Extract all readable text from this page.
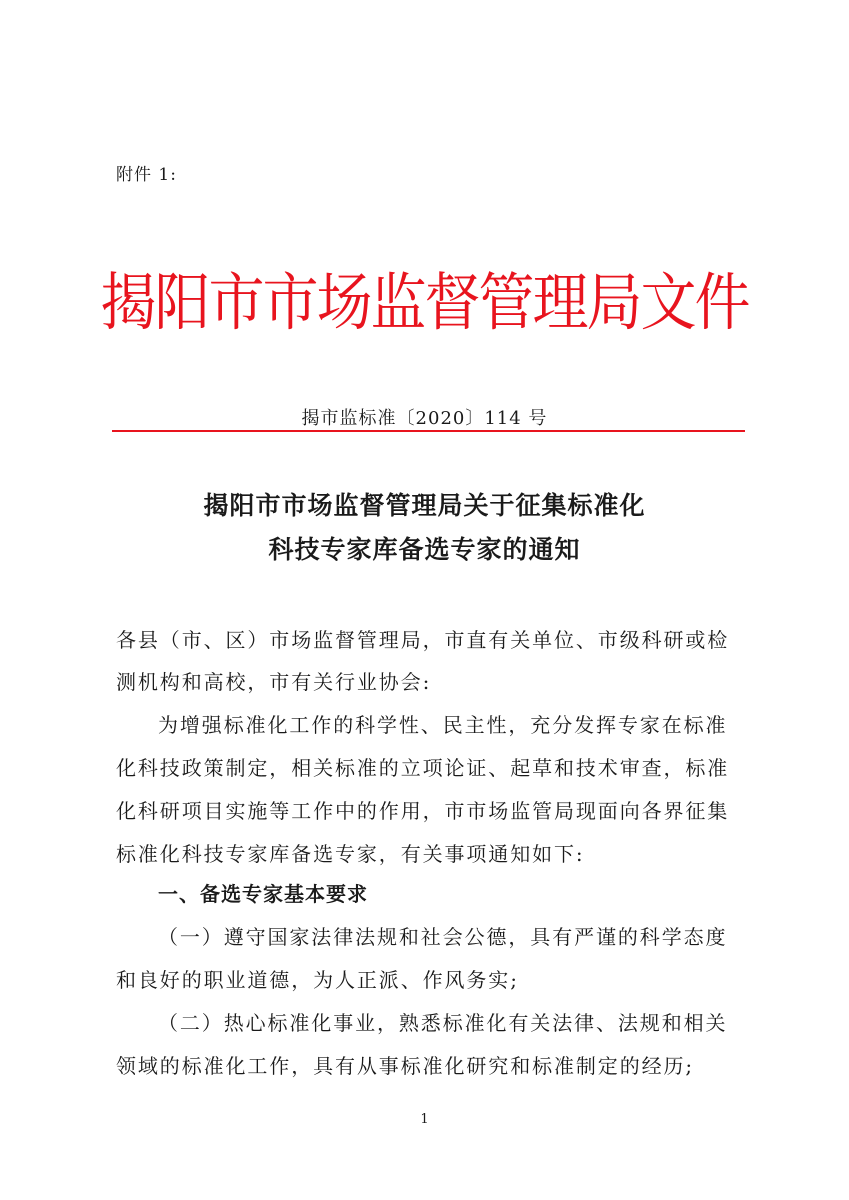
附件 1:
揭阳市市场监督管理局文件
揭市监标准〔2020〕114 号
揭阳市市场监督管理局关于征集标准化
科技专家库备选专家的通知
各县（市、区）市场监督管理局，市直有关单位、市级科研或检
测机构和高校，市有关行业协会:
为增强标准化工作的科学性、民主性，充分发挥专家在标准
化科技政策制定，相关标准的立项论证、起草和技术审查，标准
化科研项目实施等工作中的作用，市市场监管局现面向各界征集
标准化科技专家库备选专家，有关事项通知如下:
一、备选专家基本要求
（一）遵守国家法律法规和社会公德，具有严谨的科学态度
和良好的职业道德，为人正派、作风务实;
（二）热心标准化事业，熟悉标准化有关法律、法规和相关
领域的标准化工作，具有从事标准化研究和标准制定的经历;
1
